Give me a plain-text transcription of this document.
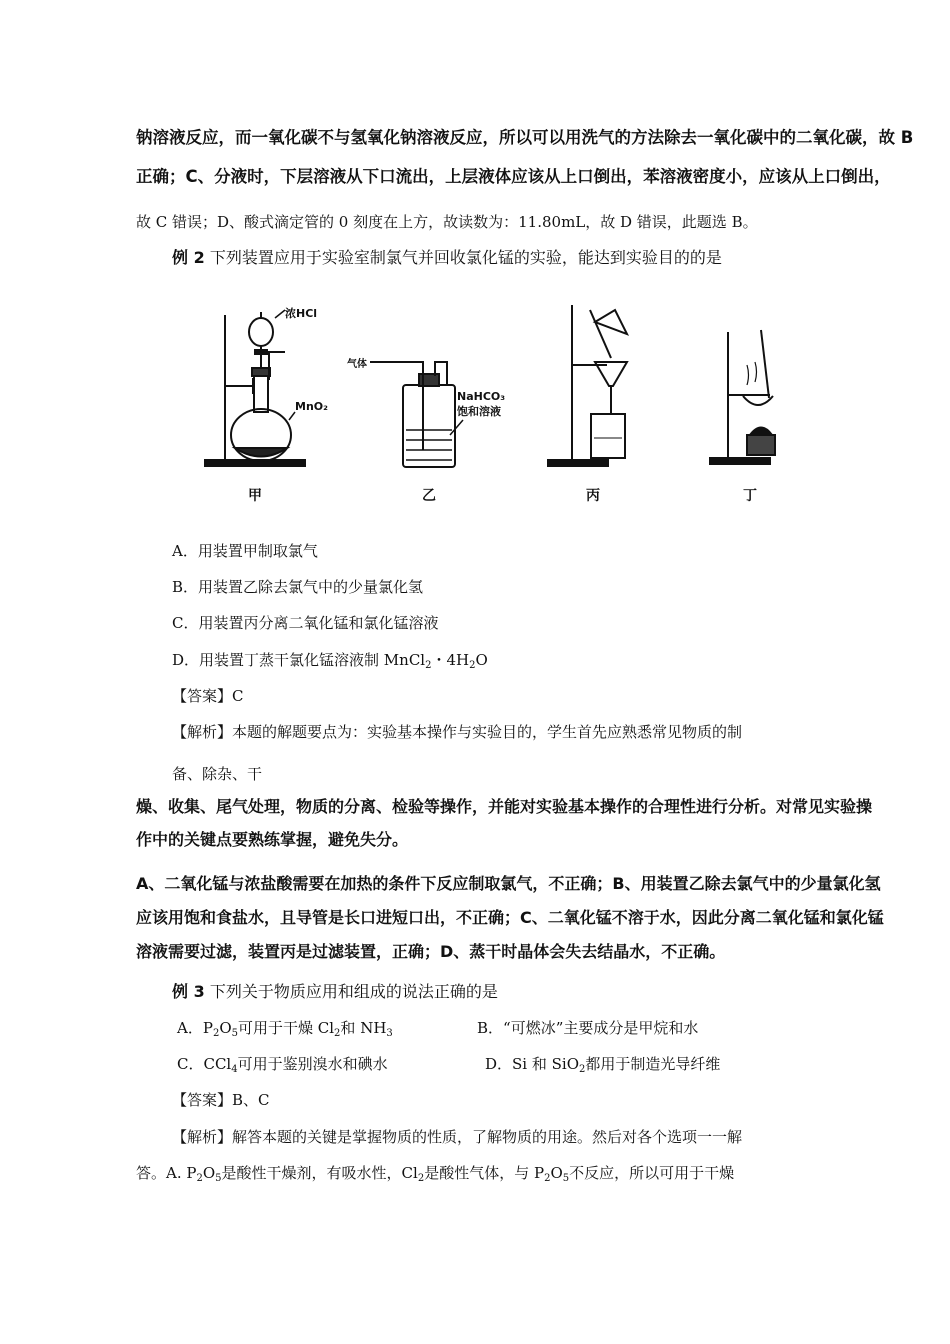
钠溶液反应，而一氧化碳不与氢氧化钠溶液反应，所以可以用洗气的方法除去一氧化碳中的二氧化碳，故 B
正确；C、分液时，下层溶液从下口流出，上层液体应该从上口倒出，苯溶液密度小，应该从上口倒出，
故 C 错误；D、酸式滴定管的 0 刻度在上方，故读数为：11.80mL，故 D 错误，此题选 B。
例 2 下列装置应用于实验室制氯气并回收氯化锰的实验，能达到实验目的的是
浓HCl
MnO₂
气体
NaHCO₃
饱和溶液
甲	乙	丙	丁
A．用装置甲制取氯气
B．用装置乙除去氯气中的少量氯化氢
C．用装置丙分离二氧化锰和氯化锰溶液
D．用装置丁蒸干氯化锰溶液制 MnCl$_2$・$4H_2O$
【答案】C
【解析】本题的解题要点为：实验基本操作与实验目的，学生首先应熟悉常见物质的制
备、除杂、干
燥、收集、尾气处理，物质的分离、检验等操作，并能对实验基本操作的合理性进行分析。对常见实验操
作中的关键点要熟练掌握，避免失分。
A、二氧化锰与浓盐酸需要在加热的条件下反应制取氯气，不正确；B、用装置乙除去氯气中的少量氯化氢
应该用饱和食盐水，且导管是长口进短口出，不正确；C、二氧化锰不溶于水，因此分离二氧化锰和氯化锰
溶液需要过滤，装置丙是过滤装置，正确；D、蒸干时晶体会失去结晶水，不正确。
例 3 下列关于物质应用和组成的说法正确的是
A．$P_2O_5$可用于干燥 $Cl_2$和 $NH_3$	B．“可燃冰”主要成分是甲烷和水
C．CCl$_4$可用于鉴别溴水和碘水	D．Si 和 SiO$_2$都用于制造光导纤维
【答案】B、C
【解析】解答本题的关键是掌握物质的性质，了解物质的用途。然后对各个选项一一解
答。A. $P_2O_5$是酸性干燥剂，有吸水性，$Cl_2$是酸性气体，与 $P_2O_5$不反应，所以可用于干燥
